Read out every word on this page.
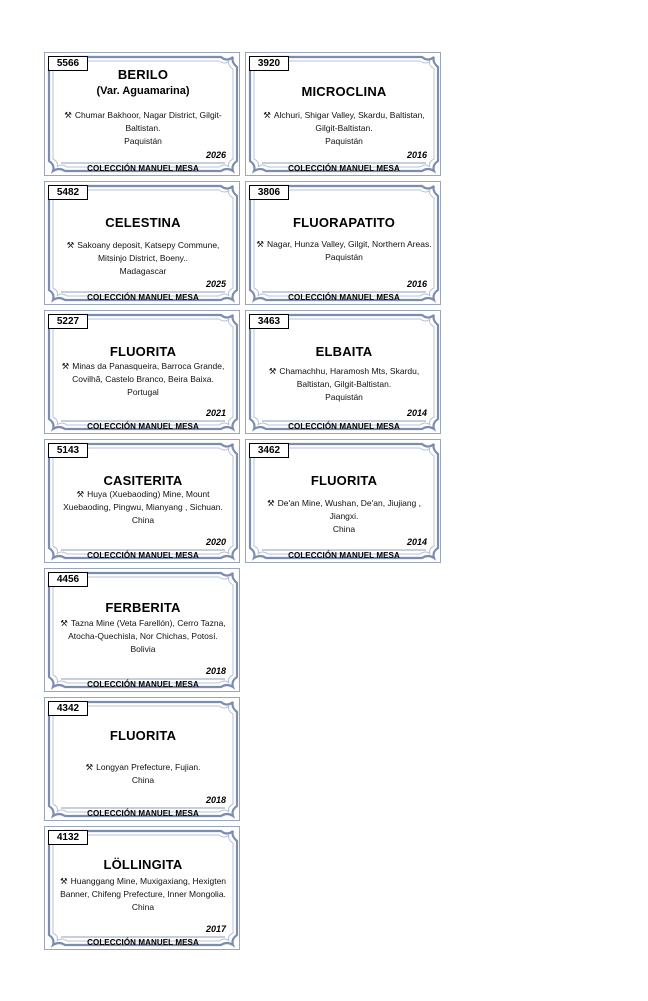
5566
BERILO
(Var. Aguamarina)
⚒ Chumar Bakhoor, Nagar District, Gilgit-Baltistan.
Paquistán
2026
COLECCIÓN MANUEL MESA
3920
MICROCLINA
⚒ Alchuri, Shigar Valley, Skardu, Baltistan, Gilgit-Baltistan.
Paquistán
2016
COLECCIÓN MANUEL MESA
5482
CELESTINA
⚒ Sakoany deposit, Katsepy Commune, Mitsinjo District, Boeny..
Madagascar
2025
COLECCIÓN MANUEL MESA
3806
FLUORAPATITO
⚒ Nagar, Hunza Valley, Gilgit, Northern Areas.
Paquistán
2016
COLECCIÓN MANUEL MESA
5227
FLUORITA
⚒ Minas da Panasqueira, Barroca Grande, Covilhã, Castelo Branco, Beira Baixa.
Portugal
2021
COLECCIÓN MANUEL MESA
3463
ELBAITA
⚒ Chamachhu, Haramosh Mts, Skardu, Baltistan, Gilgit-Baltistan.
Paquistán
2014
COLECCIÓN MANUEL MESA
5143
CASITERITA
⚒ Huya (Xuebaoding) Mine, Mount Xuebaoding, Pingwu, Mianyang , Sichuan.
China
2020
COLECCIÓN MANUEL MESA
3462
FLUORITA
⚒ De'an Mine, Wushan, De'an, Jiujiang , Jiangxi.
China
2014
COLECCIÓN MANUEL MESA
4456
FERBERITA
⚒ Tazna Mine (Veta Farellón), Cerro Tazna, Atocha-Quechisla, Nor Chichas, Potosí.
Bolivia
2018
COLECCIÓN MANUEL MESA
4342
FLUORITA
⚒ Longyan Prefecture, Fujian.
China
2018
COLECCIÓN MANUEL MESA
4132
LÖLLINGITA
⚒ Huanggang Mine, Muxigaxiang, Hexigten Banner, Chifeng Prefecture, Inner Mongolia.
China
2017
COLECCIÓN MANUEL MESA
